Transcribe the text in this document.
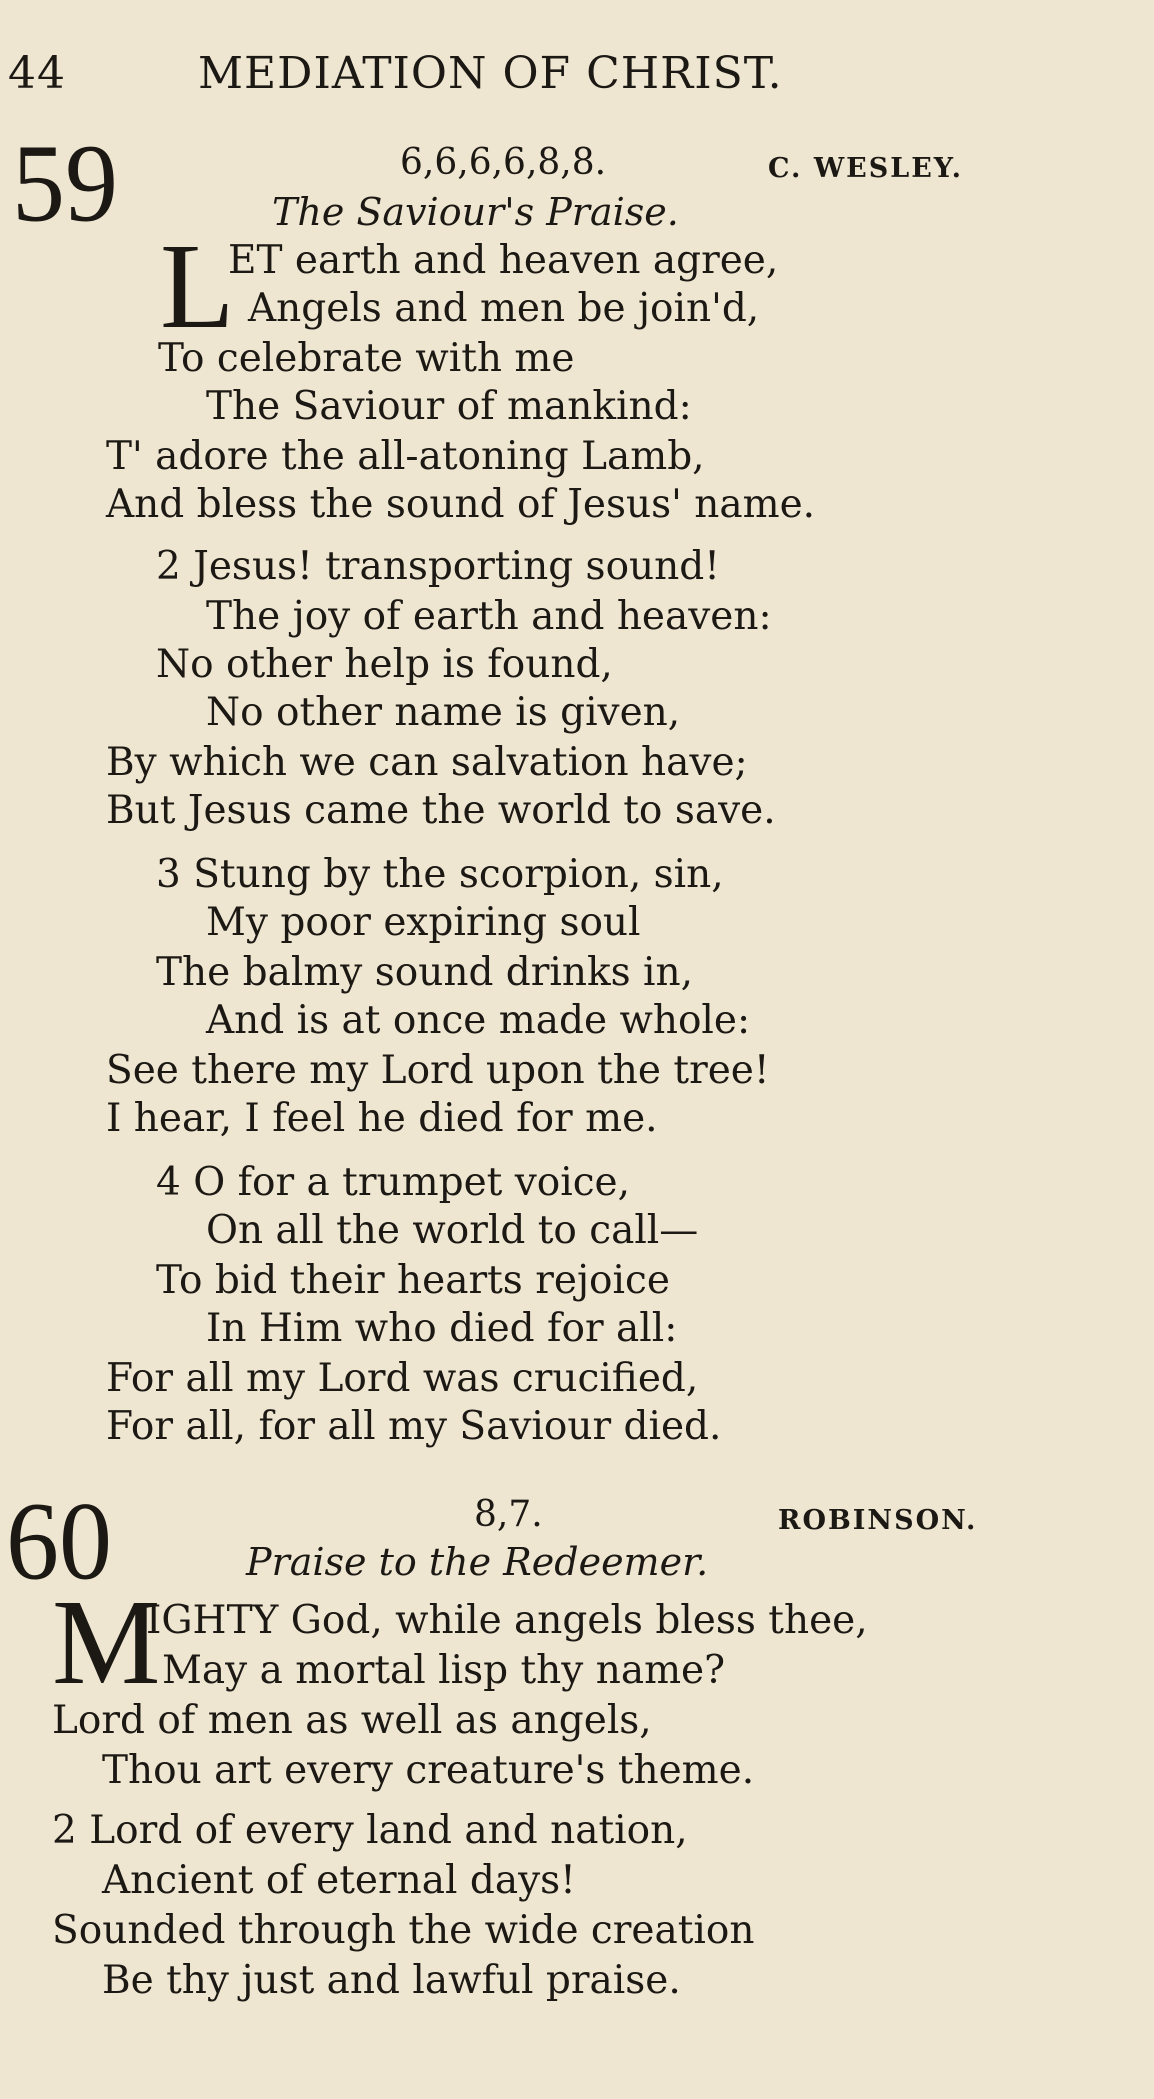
44	MEDIATION OF CHRIST.
59	6,6,6,6,8,8.	C. WESLEY.
The Saviour's Praise.
L
ET earth and heaven agree,
Angels and men be join'd,
To celebrate with me
The Saviour of mankind:
T' adore the all-atoning Lamb,
And bless the sound of Jesus' name.
2 Jesus! transporting sound!
The joy of earth and heaven:
No other help is found,
No other name is given,
By which we can salvation have;
But Jesus came the world to save.
3 Stung by the scorpion, sin,
My poor expiring soul
The balmy sound drinks in,
And is at once made whole:
See there my Lord upon the tree!
I hear, I feel he died for me.
4 O for a trumpet voice,
On all the world to call—
To bid their hearts rejoice
In Him who died for all:
For all my Lord was crucified,
For all, for all my Saviour died.
60	8,7.	ROBINSON.
Praise to the Redeemer.
M
IGHTY God, while angels bless thee,
May a mortal lisp thy name?
Lord of men as well as angels,
Thou art every creature's theme.
2 Lord of every land and nation,
Ancient of eternal days!
Sounded through the wide creation
Be thy just and lawful praise.
